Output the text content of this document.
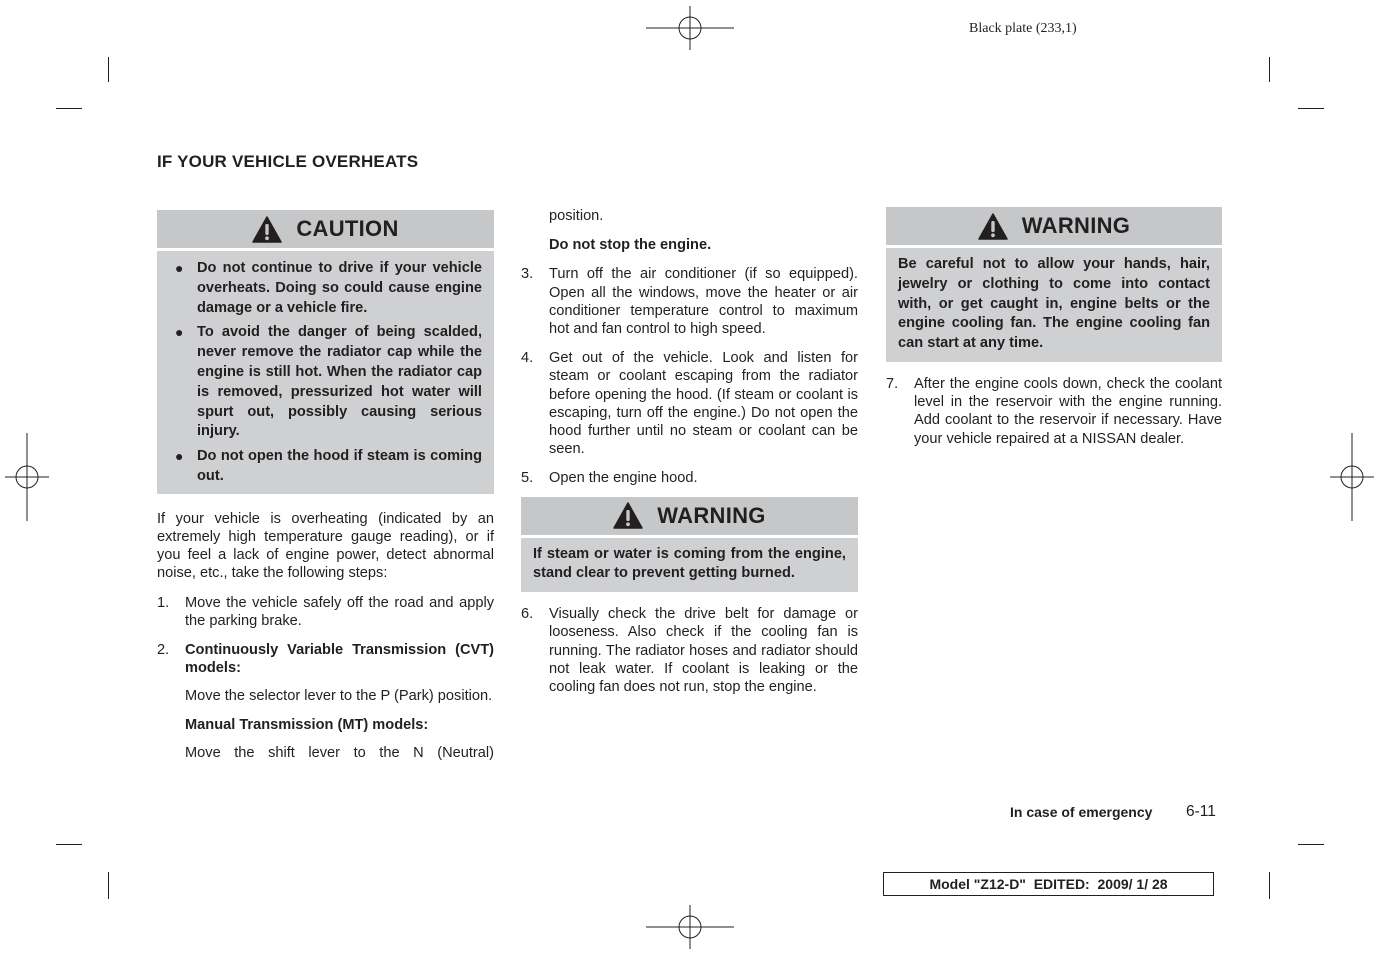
Black plate (233,1)
IF YOUR VEHICLE OVERHEATS
CAUTION
● Do not continue to drive if your vehicle overheats. Doing so could cause engine damage or a vehicle fire.
● To avoid the danger of being scalded, never remove the radiator cap while the engine is still hot. When the radiator cap is removed, pressurized hot water will spurt out, possibly causing serious injury.
● Do not open the hood if steam is coming out.

If your vehicle is overheating (indicated by an extremely high temperature gauge reading), or if you feel a lack of engine power, detect abnormal noise, etc., take the following steps:

1. Move the vehicle safely off the road and apply the parking brake.
2. Continuously Variable Transmission (CVT) models:
Move the selector lever to the P (Park) position.
Manual Transmission (MT) models:
Move the shift lever to the N (Neutral)
position.
Do not stop the engine.
3. Turn off the air conditioner (if so equipped). Open all the windows, move the heater or air conditioner temperature control to maximum hot and fan control to high speed.
4. Get out of the vehicle. Look and listen for steam or coolant escaping from the radiator before opening the hood. (If steam or coolant is escaping, turn off the engine.) Do not open the hood further until no steam or coolant can be seen.
5. Open the engine hood.
WARNING
If steam or water is coming from the engine, stand clear to prevent getting burned.
6. Visually check the drive belt for damage or looseness. Also check if the cooling fan is running. The radiator hoses and radiator should not leak water. If coolant is leaking or the cooling fan does not run, stop the engine.
WARNING
Be careful not to allow your hands, hair, jewelry or clothing to come into contact with, or get caught in, engine belts or the engine cooling fan. The engine cooling fan can start at any time.
7. After the engine cools down, check the coolant level in the reservoir with the engine running. Add coolant to the reservoir if necessary. Have your vehicle repaired at a NISSAN dealer.
In case of emergency 6-11
Model "Z12-D"  EDITED:  2009/ 1/ 28
